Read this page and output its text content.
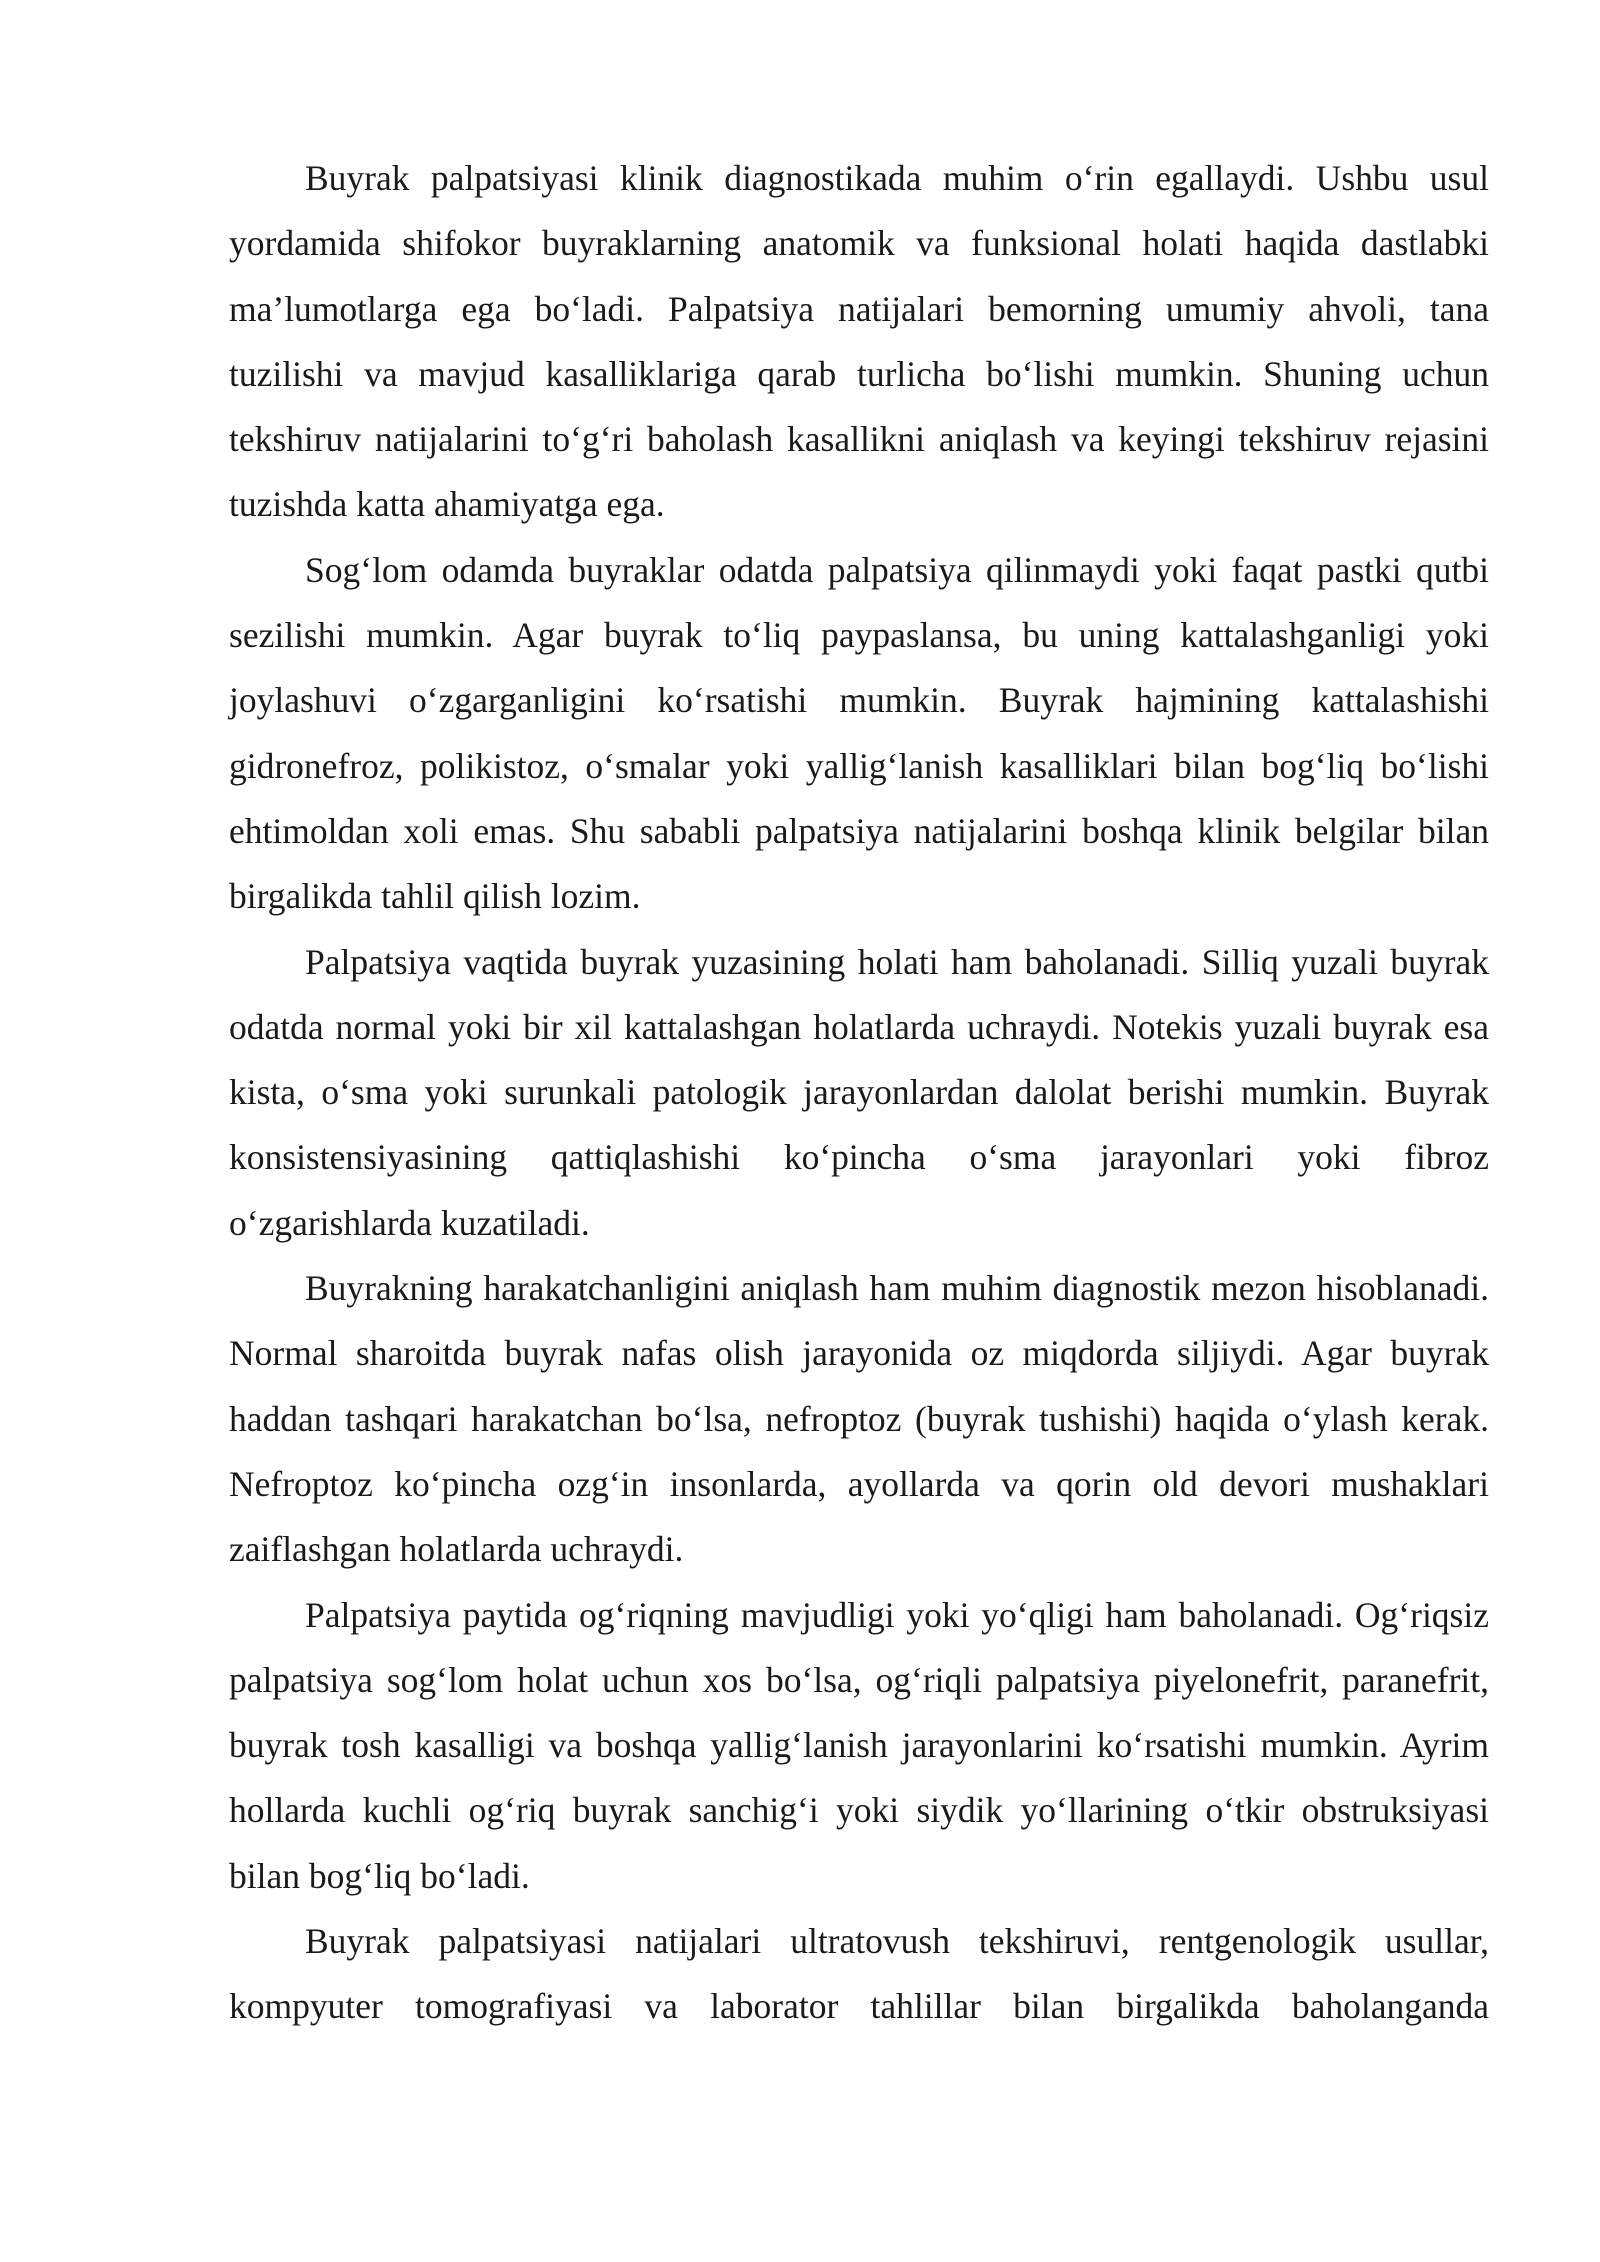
Buyrak palpatsiyasi klinik diagnostikada muhim o‘rin egallaydi. Ushbu usul yordamida shifokor buyraklarning anatomik va funksional holati haqida dastlabki ma’lumotlarga ega bo‘ladi. Palpatsiya natijalari bemorning umumiy ahvoli, tana tuzilishi va mavjud kasalliklariga qarab turlicha bo‘lishi mumkin. Shuning uchun tekshiruv natijalarini to‘g‘ri baholash kasallikni aniqlash va keyingi tekshiruv rejasini tuzishda katta ahamiyatga ega.

Sog‘lom odamda buyraklar odatda palpatsiya qilinmaydi yoki faqat pastki qutbi sezilishi mumkin. Agar buyrak to‘liq paypaslansa, bu uning kattalashganligi yoki joylashuvi o‘zgarganligini ko‘rsatishi mumkin. Buyrak hajmining kattalashishi gidronefroz, polikistoz, o‘smalar yoki yallig‘lanish kasalliklari bilan bog‘liq bo‘lishi ehtimoldan xoli emas. Shu sababli palpatsiya natijalarini boshqa klinik belgilar bilan birgalikda tahlil qilish lozim.

Palpatsiya vaqtida buyrak yuzasining holati ham baholanadi. Silliq yuzali buyrak odatda normal yoki bir xil kattalashgan holatlarda uchraydi. Notekis yuzali buyrak esa kista, o‘sma yoki surunkali patologik jarayonlardan dalolat berishi mumkin. Buyrak konsistensiyasining qattiqlashishi ko‘pincha o‘sma jarayonlari yoki fibroz o‘zgarishlarda kuzatiladi.

Buyrakning harakatchanligini aniqlash ham muhim diagnostik mezon hisoblanadi. Normal sharoitda buyrak nafas olish jarayonida oz miqdorda siljiydi. Agar buyrak haddan tashqari harakatchan bo‘lsa, nefroptoz (buyrak tushishi) haqida o‘ylash kerak. Nefroptoz ko‘pincha ozg‘in insonlarda, ayollarda va qorin old devori mushaklari zaiflashgan holatlarda uchraydi.

Palpatsiya paytida og‘riqning mavjudligi yoki yo‘qligi ham baholanadi. Og‘riqsiz palpatsiya sog‘lom holat uchun xos bo‘lsa, og‘riqli palpatsiya piyelonefrit, paranefrit, buyrak tosh kasalligi va boshqa yallig‘lanish jarayonlarini ko‘rsatishi mumkin. Ayrim hollarda kuchli og‘riq buyrak sanchig‘i yoki siydik yo‘llarining o‘tkir obstruksiyasi bilan bog‘liq bo‘ladi.

Buyrak palpatsiyasi natijalari ultratovush tekshiruvi, rentgenologik usullar, kompyuter tomografiyasi va laborator tahlillar bilan birgalikda baholanganda
